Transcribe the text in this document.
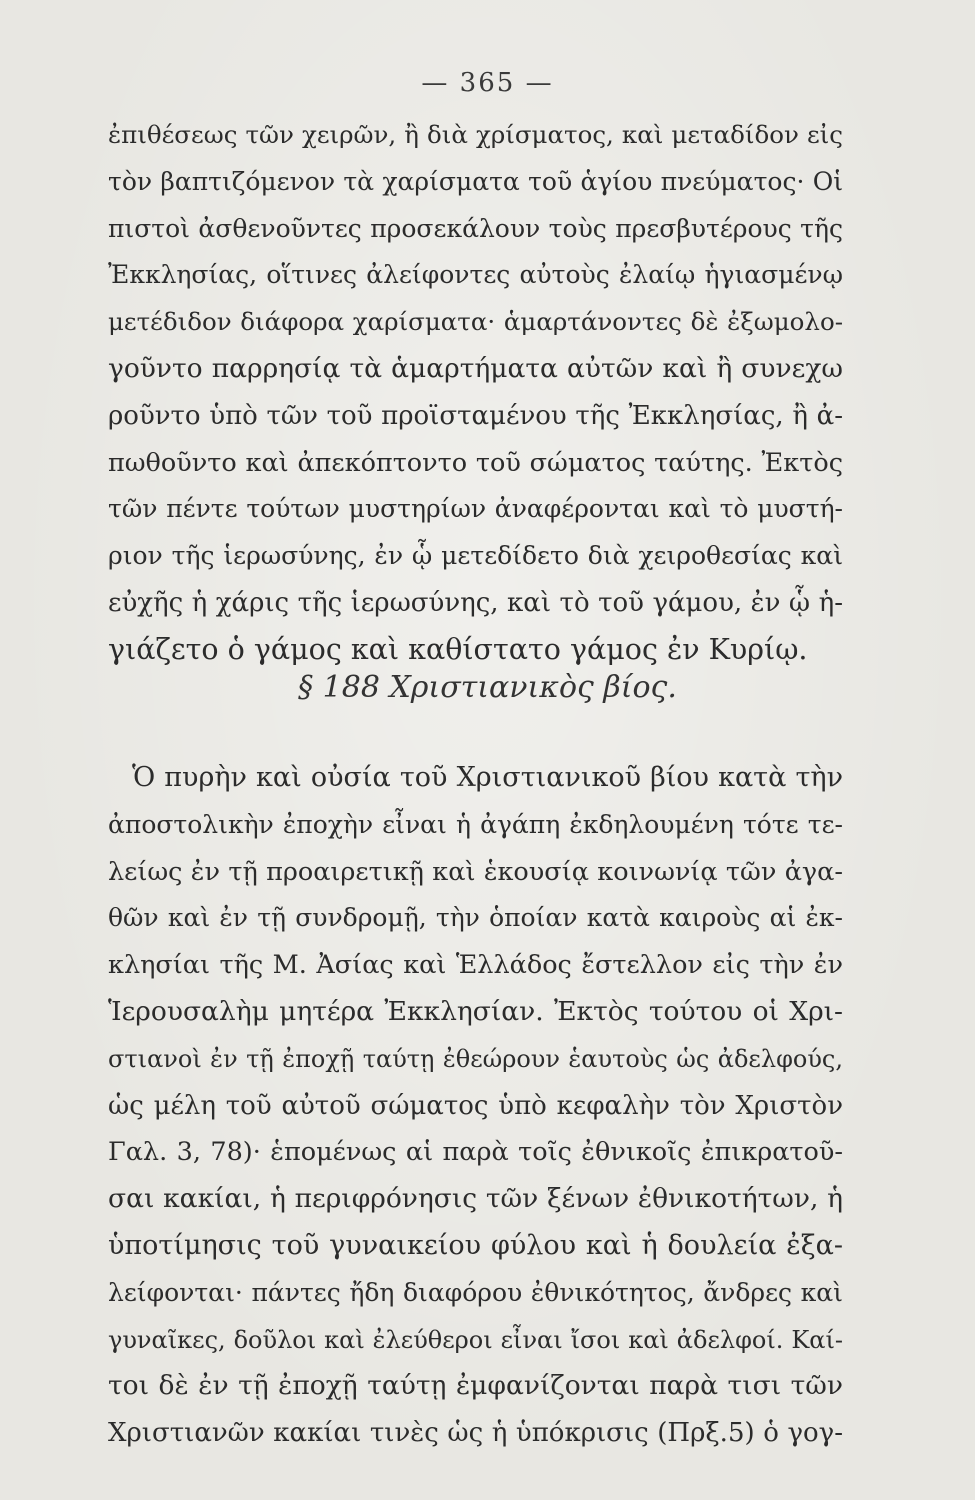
— 365 —
ἐπιθέσεως τῶν χειρῶν, ἢ διὰ χρίσματος, καὶ μεταδίδον εἰς
τὸν βαπτιζόμενον τὰ χαρίσματα τοῦ ἁγίου πνεύματος· Οἱ
πιστοὶ ἀσθενοῦντες προσεκάλουν τοὺς πρεσβυτέρους τῆς
Ἐκκλησίας, οἵτινες ἀλείφοντες αὐτοὺς ἐλαίῳ ἡγιασμένῳ
μετέδιδον διάφορα χαρίσματα· ἁμαρτάνοντες δὲ ἐξωμολο-
γοῦντο παρρησίᾳ τὰ ἁμαρτήματα αὐτῶν καὶ ἢ συνεχω
ροῦντο ὑπὸ τῶν τοῦ προϊσταμένου τῆς Ἐκκλησίας, ἢ ἀ-
πωθοῦντο καὶ ἀπεκόπτοντο τοῦ σώματος ταύτης. Ἐκτὸς
τῶν πέντε τούτων μυστηρίων ἀναφέρονται καὶ τὸ μυστή-
ριον τῆς ἱερωσύνης, ἐν ᾧ μετεδίδετο διὰ χειροθεσίας καὶ
εὐχῆς ἡ χάρις τῆς ἱερωσύνης, καὶ τὸ τοῦ γάμου, ἐν ᾧ ἡ-
γιάζετο ὁ γάμος καὶ καθίστατο γάμος ἐν Κυρίῳ.
§ 188 Χριστιανικὸς βίος.
Ὁ πυρὴν καὶ οὐσία τοῦ Χριστιανικοῦ βίου κατὰ τὴν
ἀποστολικὴν ἐποχὴν εἶναι ἡ ἀγάπη ἐκδηλουμένη τότε τε-
λείως ἐν τῇ προαιρετικῇ καὶ ἑκουσίᾳ κοινωνίᾳ τῶν ἀγα-
θῶν καὶ ἐν τῇ συνδρομῇ, τὴν ὁποίαν κατὰ καιροὺς αἱ ἐκ-
κλησίαι τῆς Μ. Ἀσίας καὶ Ἑλλάδος ἔστελλον εἰς τὴν ἐν
Ἱερουσαλὴμ μητέρα Ἐκκλησίαν. Ἐκτὸς τούτου οἱ Χρι-
στιανοὶ ἐν τῇ ἐποχῇ ταύτῃ ἐθεώρουν ἑαυτοὺς ὡς ἀδελφούς,
ὡς μέλη τοῦ αὐτοῦ σώματος ὑπὸ κεφαλὴν τὸν Χριστὸν
Γαλ. 3, 78)· ἑπομένως αἱ παρὰ τοῖς ἐθνικοῖς ἐπικρατοῦ-
σαι κακίαι, ἡ περιφρόνησις τῶν ξένων ἐθνικοτήτων, ἡ
ὑποτίμησις τοῦ γυναικείου φύλου καὶ ἡ δουλεία ἐξα-
λείφονται· πάντες ἤδη διαφόρου ἐθνικότητος, ἄνδρες καὶ
γυναῖκες, δοῦλοι καὶ ἐλεύθεροι εἶναι ἴσοι καὶ ἀδελφοί. Καί-
τοι δὲ ἐν τῇ ἐποχῇ ταύτῃ ἐμφανίζονται παρὰ τισι τῶν
Χριστιανῶν κακίαι τινὲς ὡς ἡ ὑπόκρισις (Πρξ.5) ὁ γογ-
